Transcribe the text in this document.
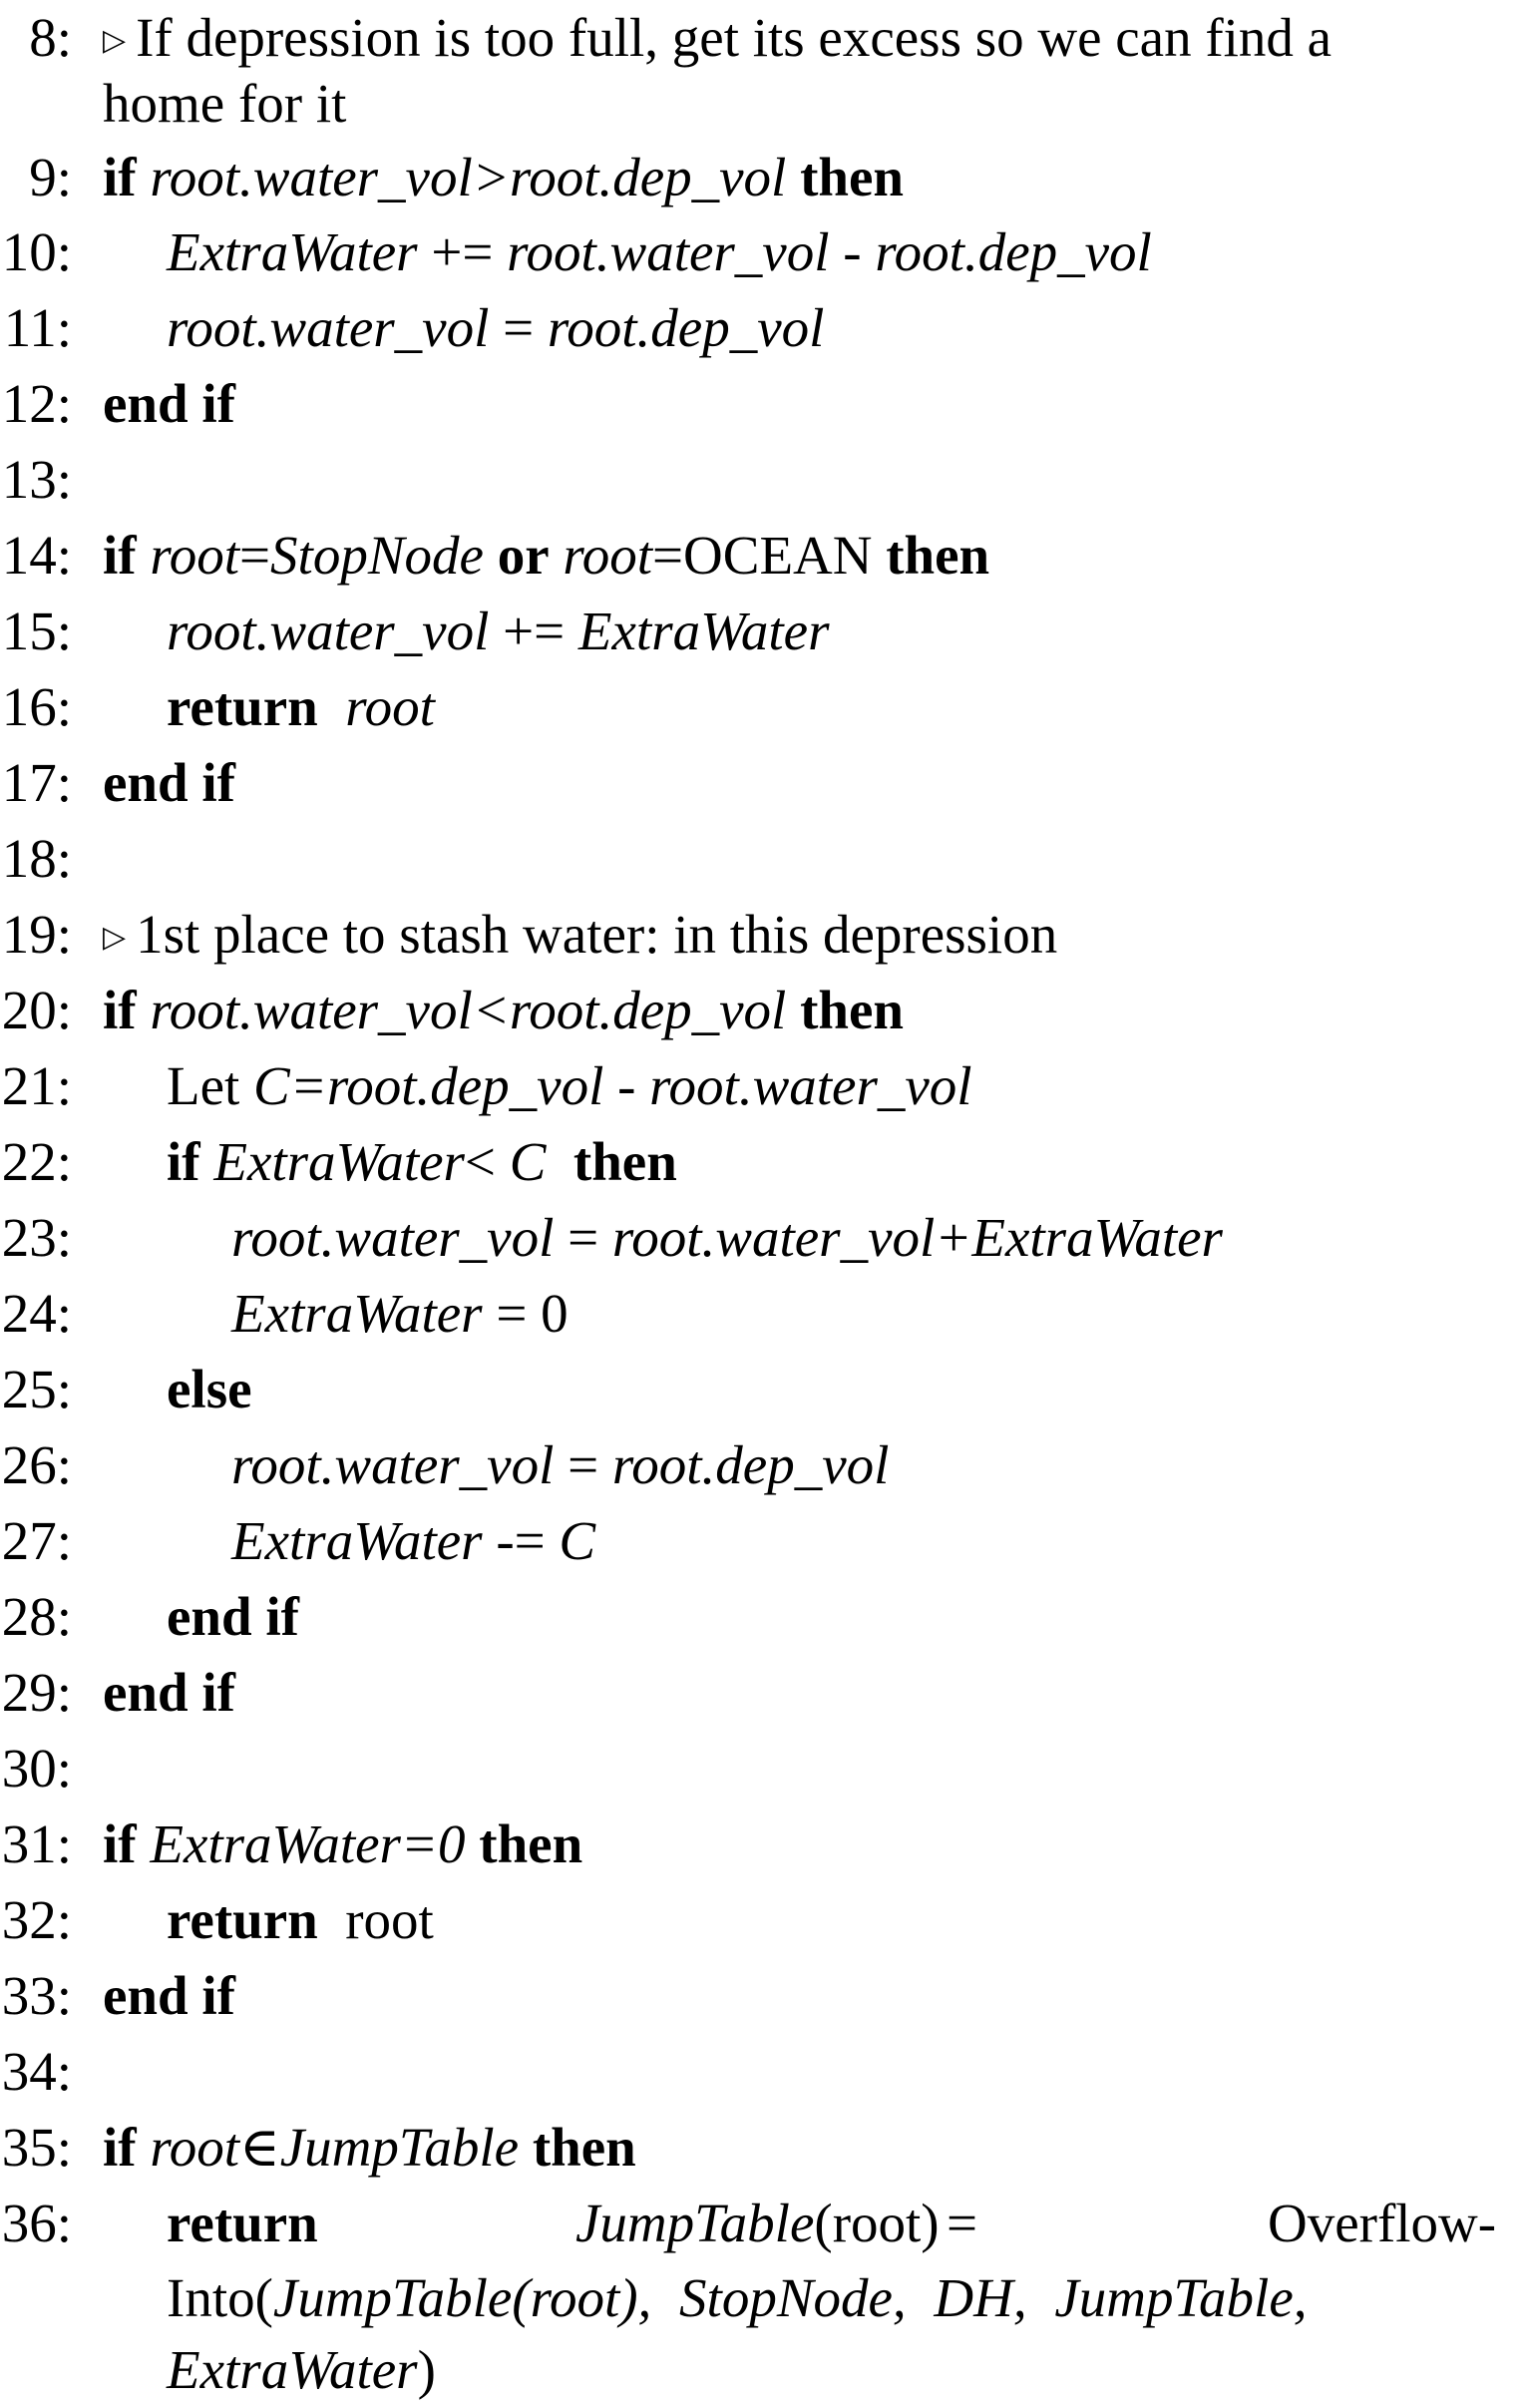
8: ▷ If depression is too full, get its excess so we can find a
home for it
9: if root.water_vol>root.dep_vol then
10: ExtraWater += root.water_vol - root.dep_vol
11: root.water_vol = root.dep_vol
12: end if
13:
14: if root=StopNode or root=OCEAN then
15: root.water_vol += ExtraWater
16: return root
17: end if
18:
19: ▷ 1st place to stash water: in this depression
20: if root.water_vol<root.dep_vol then
21: Let C=root.dep_vol - root.water_vol
22: if ExtraWater< C then
23:	root.water_vol = root.water_vol+ExtraWater
24:	ExtraWater = 0
25: else
26:	root.water_vol = root.dep_vol
27:	ExtraWater -= C
28: end if
29: end if
30:
31: if ExtraWater=0 then
32: return root
33: end if
34:
35: if root∈JumpTable then
36: return	JumpTable(root) =	Overflow-
Into(JumpTable(root), StopNode, DH, JumpTable,
ExtraWater)
